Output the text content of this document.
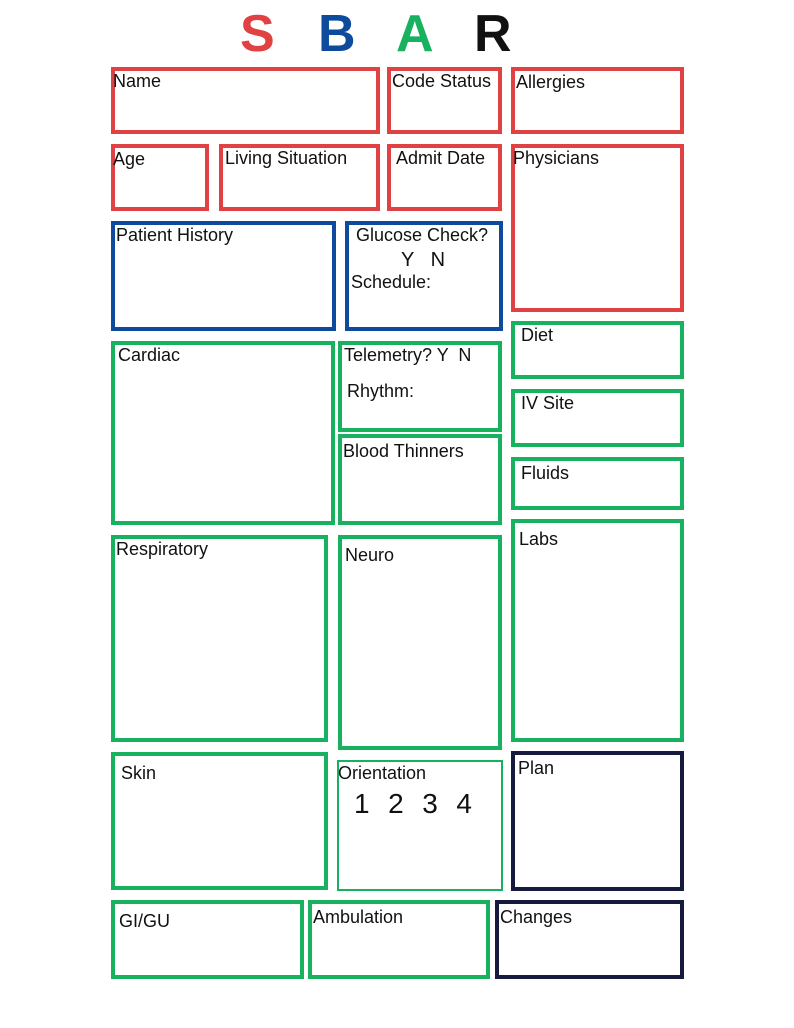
S B A R
Name	Code Status Allergies
Age	Living Situation	Admit Date Physicians
Patient History	Glucose Check?
Y   N
Schedule:
Diet
IV Site
Fluids
Cardiac	Telemetry? Y  N
Rhythm:
Blood Thinners
Respiratory	Neuro
Labs
Skin	Orientation
1  2  3  4
Plan
GI/GU	Ambulation	Changes
